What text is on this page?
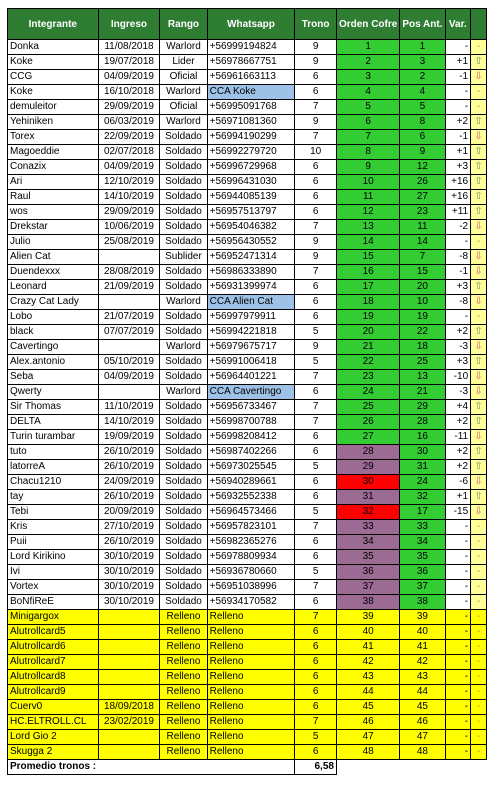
Integrante	Ingreso	Rango	Whatsapp	Trono	Orden Cofre	Pos Ant.	Var.	
Donka	11/08/2018	Warlord	+56999194824	9	1	1	-	-
Koke	19/07/2018	Lider	+56978667751	9	2	3	+1	⇧
CCG	04/09/2019	Oficial	+56961663113	6	3	2	-1	⇩
Koke	16/10/2018	Warlord	CCA Koke	6	4	4	-	-
demuleitor	29/09/2019	Oficial	+56995091768	7	5	5	-	-
Yehiniken	06/03/2019	Warlord	+56971081360	9	6	8	+2	⇧
Torex	22/09/2019	Soldado	+56994190299	7	7	6	-1	⇩
Magoeddie	02/07/2018	Soldado	+56992279720	10	8	9	+1	⇧
Conazix	04/09/2019	Soldado	+56996729968	6	9	12	+3	⇧
Ari	12/10/2019	Soldado	+56996431030	6	10	26	+16	⇧
Raul	14/10/2019	Soldado	+56944085139	6	11	27	+16	⇧
wos	29/09/2019	Soldado	+56957513797	6	12	23	+11	⇧
Drekstar	10/06/2019	Soldado	+56954046382	7	13	11	-2	⇩
Julio	25/08/2019	Soldado	+56956430552	9	14	14	-	-
Alien Cat		Sublider	+56952471314	9	15	7	-8	⇩
Duendexxx	28/08/2019	Soldado	+56986333890	7	16	15	-1	⇩
Leonard	21/09/2019	Soldado	+56931399974	6	17	20	+3	⇧
Crazy Cat Lady		Warlord	CCA Alien Cat	6	18	10	-8	⇩
Lobo	21/07/2019	Soldado	+56997979911	6	19	19	-	-
black	07/07/2019	Soldado	+56994221818	5	20	22	+2	⇧
Cavertingo		Warlord	+56979675717	9	21	18	-3	⇩
Alex.antonio	05/10/2019	Soldado	+56991006418	5	22	25	+3	⇧
Seba	04/09/2019	Soldado	+56964401221	7	23	13	-10	⇩
Qwerty		Warlord	CCA Cavertingo	6	24	21	-3	⇩
Sir Thomas	11/10/2019	Soldado	+56956733467	7	25	29	+4	⇧
DELTA	14/10/2019	Soldado	+56998700788	7	26	28	+2	⇧
Turin turambar	19/09/2019	Soldado	+56998208412	6	27	16	-11	⇩
tuto	26/10/2019	Soldado	+56987402266	6	28	30	+2	⇧
latorreA	26/10/2019	Soldado	+56973025545	5	29	31	+2	⇧
Chacu1210	24/09/2019	Soldado	+56940289661	6	30	24	-6	⇩
tay	26/10/2019	Soldado	+56932552338	6	31	32	+1	⇧
Tebi	20/09/2019	Soldado	+56964573466	5	32	17	-15	⇩
Kris	27/10/2019	Soldado	+56957823101	7	33	33	-	-
Puii	26/10/2019	Soldado	+56982365276	6	34	34	-	-
Lord Kirikino	30/10/2019	Soldado	+56978809934	6	35	35	-	-
Ivi	30/10/2019	Soldado	+56936780660	5	36	36	-	-
Vortex	30/10/2019	Soldado	+56951038996	7	37	37	-	-
BoNfiReE	30/10/2019	Soldado	+56934170582	6	38	38	-	-
Minigargox		Relleno	Relleno	7	39	39	-	-
Alutrollcard5		Relleno	Relleno	6	40	40	-	-
Alutrollcard6		Relleno	Relleno	6	41	41	-	-
Alutrollcard7		Relleno	Relleno	6	42	42	-	-
Alutrollcard8		Relleno	Relleno	6	43	43	-	-
Alutrollcard9		Relleno	Relleno	6	44	44	-	-
Cuerv0	18/09/2018	Relleno	Relleno	6	45	45	-	-
HC.ELTROLL.CL	23/02/2019	Relleno	Relleno	7	46	46	-	-
Lord Gio 2		Relleno	Relleno	5	47	47	-	-
Skugga 2		Relleno	Relleno	6	48	48	-	-
Promedio tronos :				6,58				
